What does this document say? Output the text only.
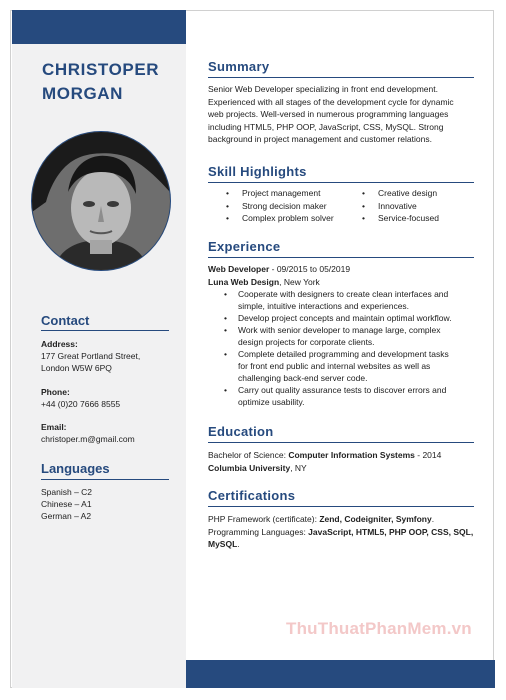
CHRISTOPER
MORGAN
Contact
Address:
177 Great Portland Street,
London W5W 6PQ
Phone:
+44 (0)20 7666 8555
Email:
christoper.m@gmail.com
Languages
Spanish – C2
Chinese – A1
German – A2
Summary
Senior Web Developer specializing in front end development.
Experienced with all stages of the development cycle for dynamic
web projects. Well-versed in numerous programming languages
including HTML5, PHP OOP, JavaScript, CSS, MySQL. Strong
background in project management and customer relations.
Skill Highlights
• Project management
• Strong decision maker
• Complex problem solver
• Creative design
• Innovative
• Service-focused
Experience
Web Developer - 09/2015 to 05/2019
Luna Web Design, New York
• Cooperate with designers to create clean interfaces and
simple, intuitive interactions and experiences.
• Develop project concepts and maintain optimal workflow.
• Work with senior developer to manage large, complex
design projects for corporate clients.
• Complete detailed programming and development tasks
for front end public and internal websites as well as
challenging back-end server code.
• Carry out quality assurance tests to discover errors and
optimize usability.
Education
Bachelor of Science: Computer Information Systems - 2014
Columbia University, NY
Certifications
PHP Framework (certificate): Zend, Codeigniter, Symfony.
Programming Languages: JavaScript, HTML5, PHP OOP, CSS, SQL,
MySQL.
ThuThuatPhanMem.vn
